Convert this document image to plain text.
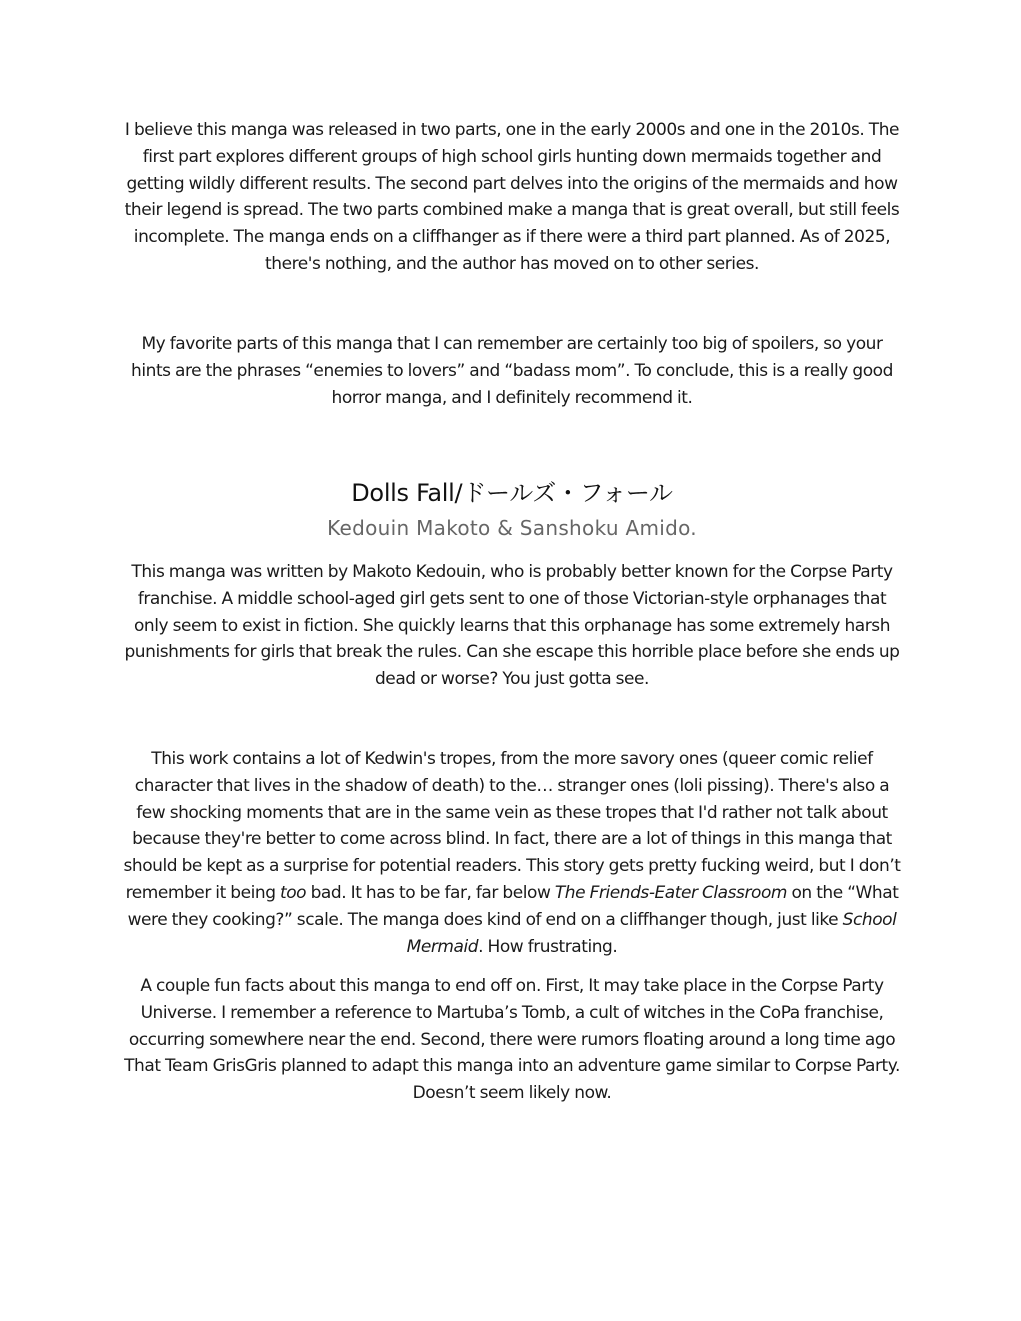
I believe this manga was released in two parts, one in the early 2000s and one in the 2010s. The first part explores different groups of high school girls hunting down mermaids together and getting wildly different results. The second part delves into the origins of the mermaids and how their legend is spread. The two parts combined make a manga that is great overall, but still feels incomplete. The manga ends on a cliffhanger as if there were a third part planned. As of 2025, there's nothing, and the author has moved on to other series.

My favorite parts of this manga that I can remember are certainly too big of spoilers, so your hints are the phrases “enemies to lovers” and “badass mom”. To conclude, this is a really good horror manga, and I definitely recommend it.

Dolls Fall/ドールズ・フォール
Kedouin Makoto & Sanshoku Amido.

This manga was written by Makoto Kedouin, who is probably better known for the Corpse Party franchise. A middle school-aged girl gets sent to one of those Victorian-style orphanages that only seem to exist in fiction. She quickly learns that this orphanage has some extremely harsh punishments for girls that break the rules. Can she escape this horrible place before she ends up dead or worse? You just gotta see.

This work contains a lot of Kedwin's tropes, from the more savory ones (queer comic relief character that lives in the shadow of death) to the… stranger ones (loli pissing). There's also a few shocking moments that are in the same vein as these tropes that I'd rather not talk about because they're better to come across blind. In fact, there are a lot of things in this manga that should be kept as a surprise for potential readers. This story gets pretty fucking weird, but I don’t remember it being too bad. It has to be far, far below The Friends-Eater Classroom on the “What were they cooking?” scale. The manga does kind of end on a cliffhanger though, just like School Mermaid. How frustrating.

A couple fun facts about this manga to end off on. First, It may take place in the Corpse Party Universe. I remember a reference to Martuba’s Tomb, a cult of witches in the CoPa franchise, occurring somewhere near the end. Second, there were rumors floating around a long time ago That Team GrisGris planned to adapt this manga into an adventure game similar to Corpse Party. Doesn’t seem likely now.
